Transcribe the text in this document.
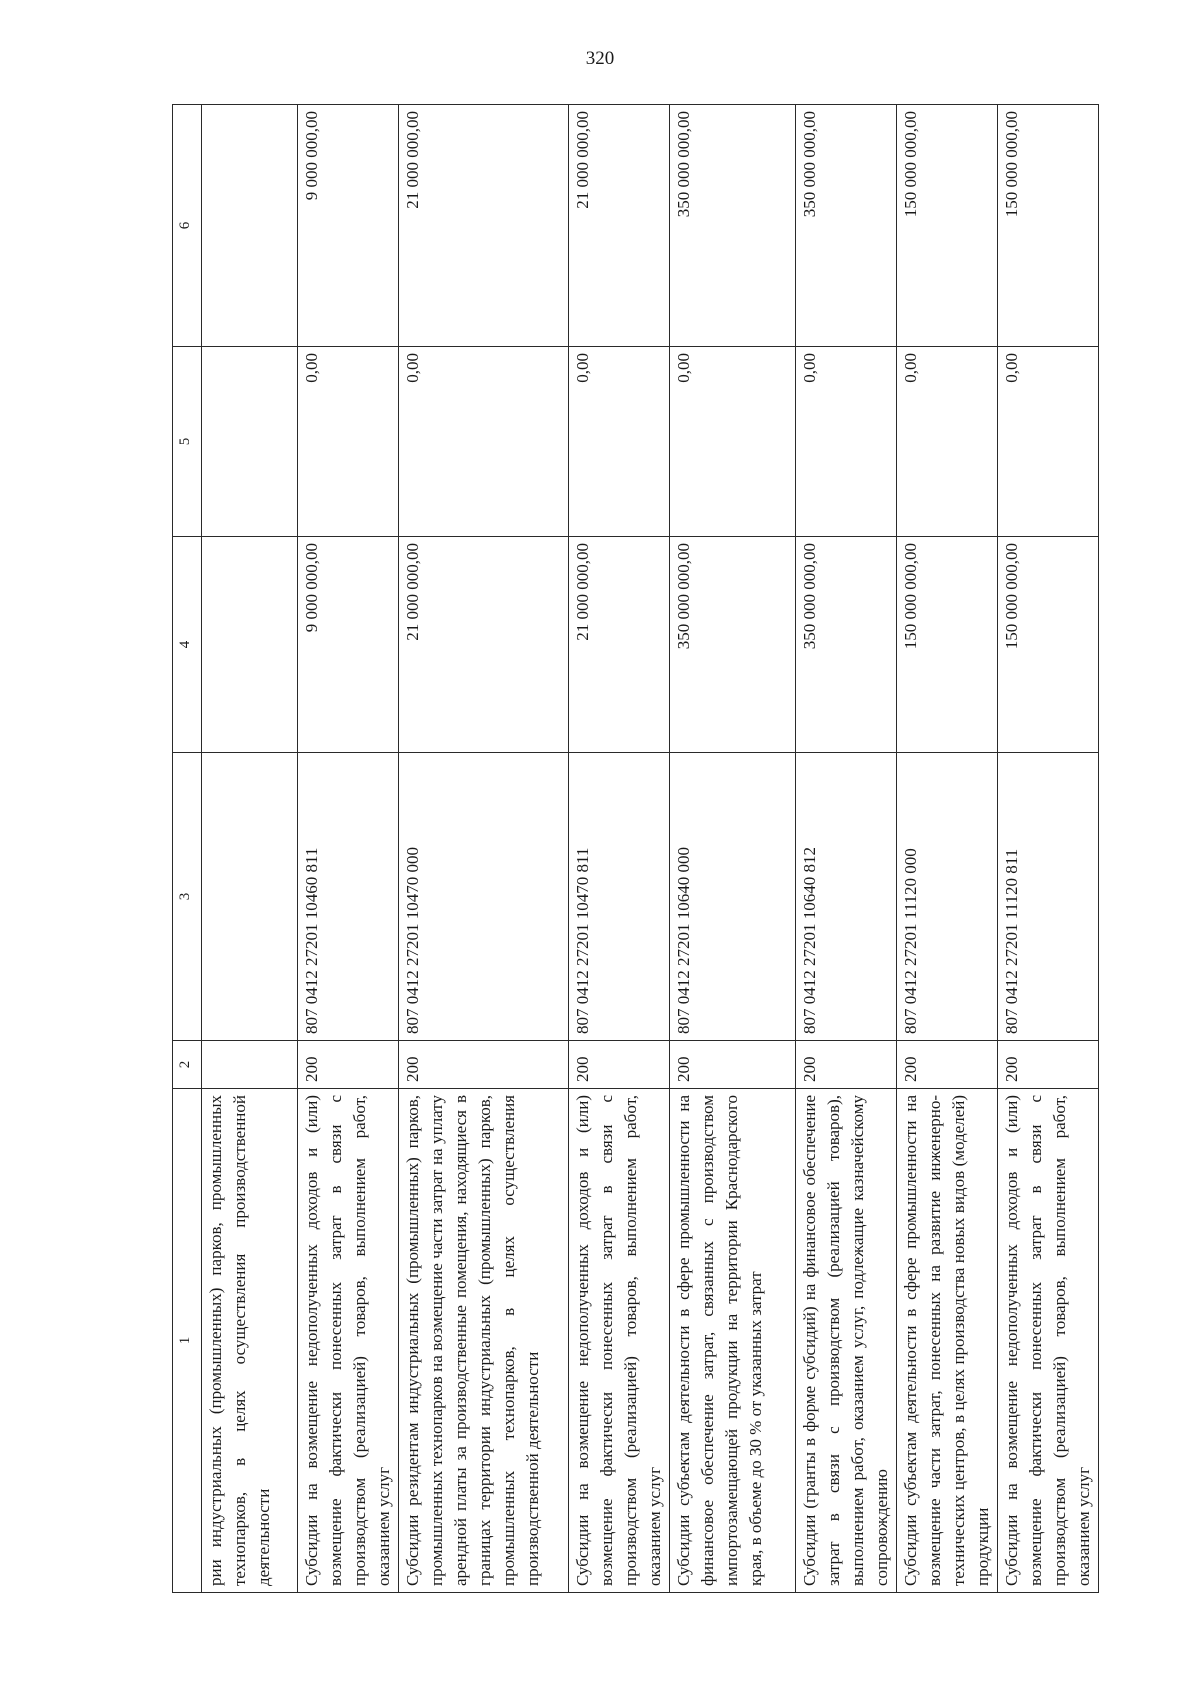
320
1	2	3	4	5	6
рии индустриальных (промышленных) парков, промышленных технопарков, в целях осуществления производственной деятельности					
Субсидии на возмещение недополученных доходов и (или) возмещение фактически понесенных затрат в связи с производством (реализацией) товаров, выполнением работ, оказанием услуг	200	807 0412 27201 10460 811	9 000 000,00	0,00	9 000 000,00
Субсидии резидентам индустриальных (промышленных) парков, промышленных технопарков на возмещение части затрат на уплату арендной платы за производственные помещения, находящиеся в границах территории индустриальных (промышленных) парков, промышленных технопарков, в целях осуществления производственной деятельности	200	807 0412 27201 10470 000	21 000 000,00	0,00	21 000 000,00
Субсидии на возмещение недополученных доходов и (или) возмещение фактически понесенных затрат в связи с производством (реализацией) товаров, выполнением работ, оказанием услуг	200	807 0412 27201 10470 811	21 000 000,00	0,00	21 000 000,00
Субсидии субъектам деятельности в сфере промышленности на финансовое обеспечение затрат, связанных с производством импортозамещающей продукции на территории Краснодарского края, в объеме до 30 % от указанных затрат	200	807 0412 27201 10640 000	350 000 000,00	0,00	350 000 000,00
Субсидии (гранты в форме субсидий) на финансовое обеспечение затрат в связи с производством (реализацией товаров), выполнением работ, оказанием услуг, подлежащие казначейскому сопровождению	200	807 0412 27201 10640 812	350 000 000,00	0,00	350 000 000,00
Субсидии субъектам деятельности в сфере промышленности на возмещение части затрат, понесенных на развитие инженерно-технических центров, в целях производства новых видов (моделей) продукции	200	807 0412 27201 11120 000	150 000 000,00	0,00	150 000 000,00
Субсидии на возмещение недополученных доходов и (или) возмещение фактически понесенных затрат в связи с производством (реализацией) товаров, выполнением работ, оказанием услуг	200	807 0412 27201 11120 811	150 000 000,00	0,00	150 000 000,00
